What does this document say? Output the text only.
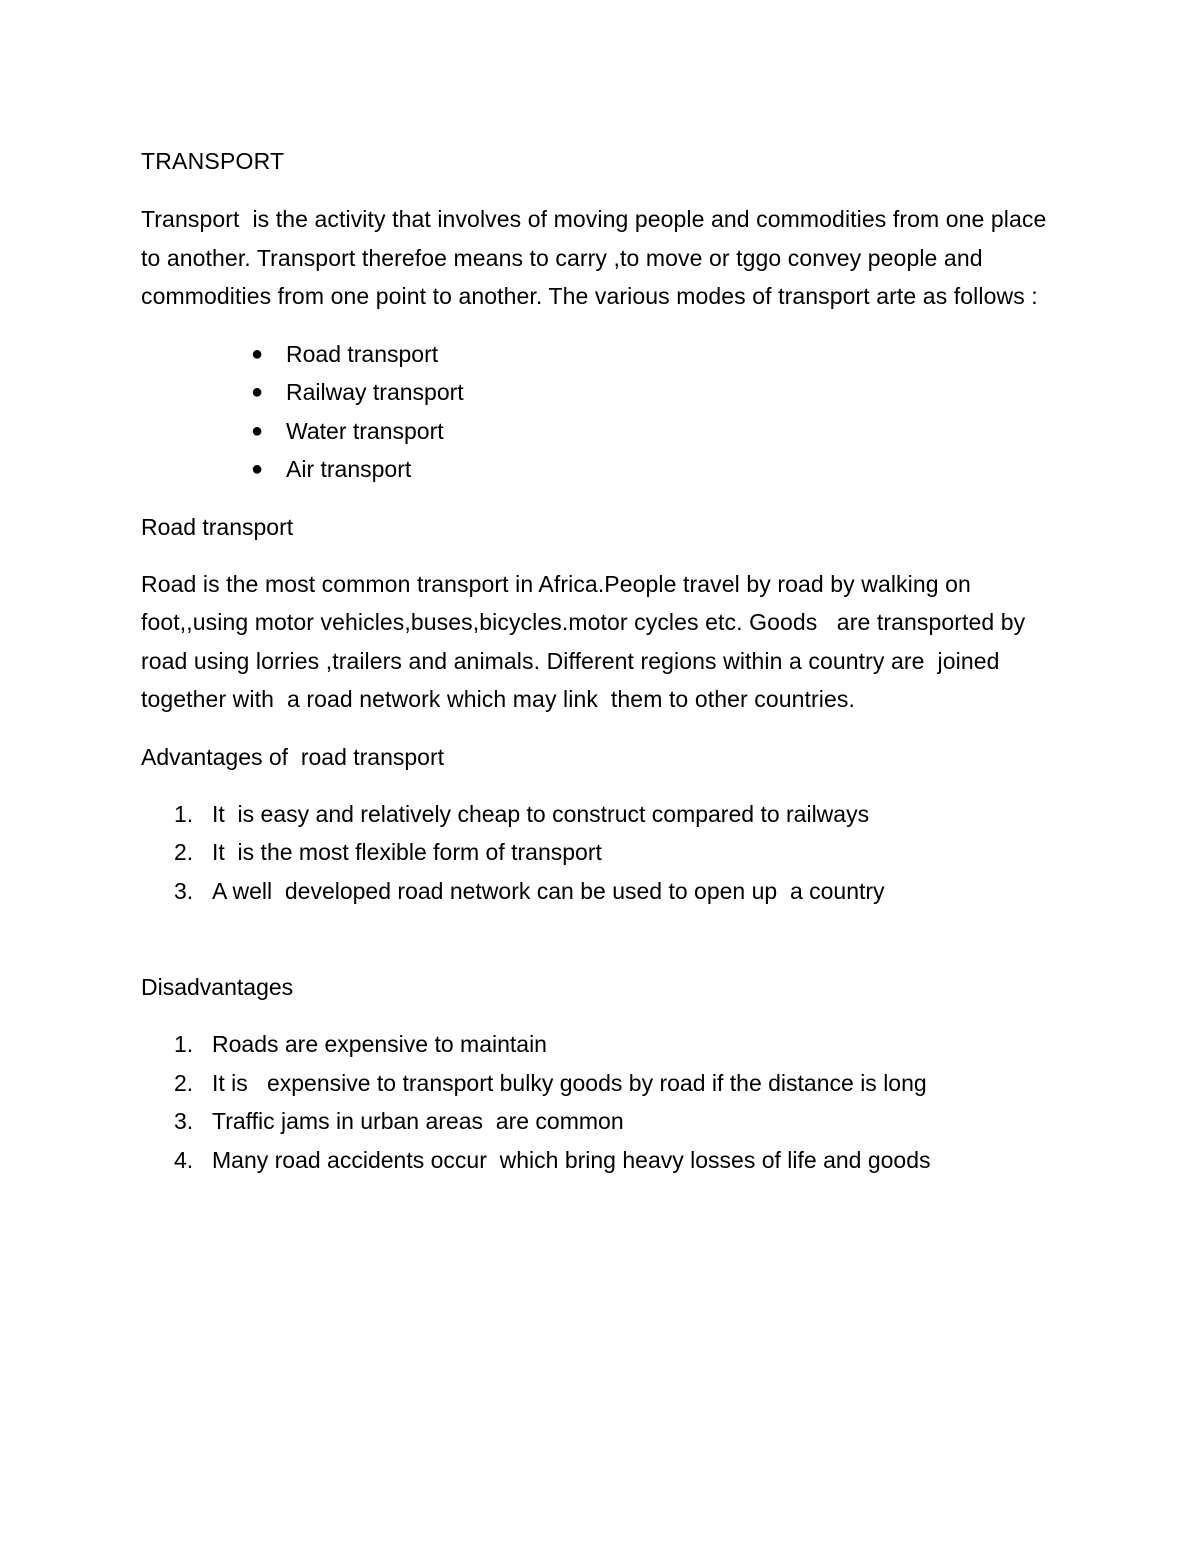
TRANSPORT

Transport  is the activity that involves of moving people and commodities from one place to another. Transport therefoe means to carry ,to move or tggo convey people and commodities from one point to another. The various modes of transport arte as follows :

● Road transport
● Railway transport
● Water transport
● Air transport
Road transport

Road is the most common transport in Africa.People travel by road by walking on foot,,using motor vehicles,buses,bicycles.motor cycles etc. Goods   are transported by road using lorries ,trailers and animals. Different regions within a country are  joined together with  a road network which may link  them to other countries.

Advantages of  road transport
1. It  is easy and relatively cheap to construct compared to railways
2. It  is the most flexible form of transport
3. A well  developed road network can be used to open up  a country
Disadvantages
1. Roads are expensive to maintain
2. It is   expensive to transport bulky goods by road if the distance is long
3. Traffic jams in urban areas  are common
4. Many road accidents occur  which bring heavy losses of life and goods
